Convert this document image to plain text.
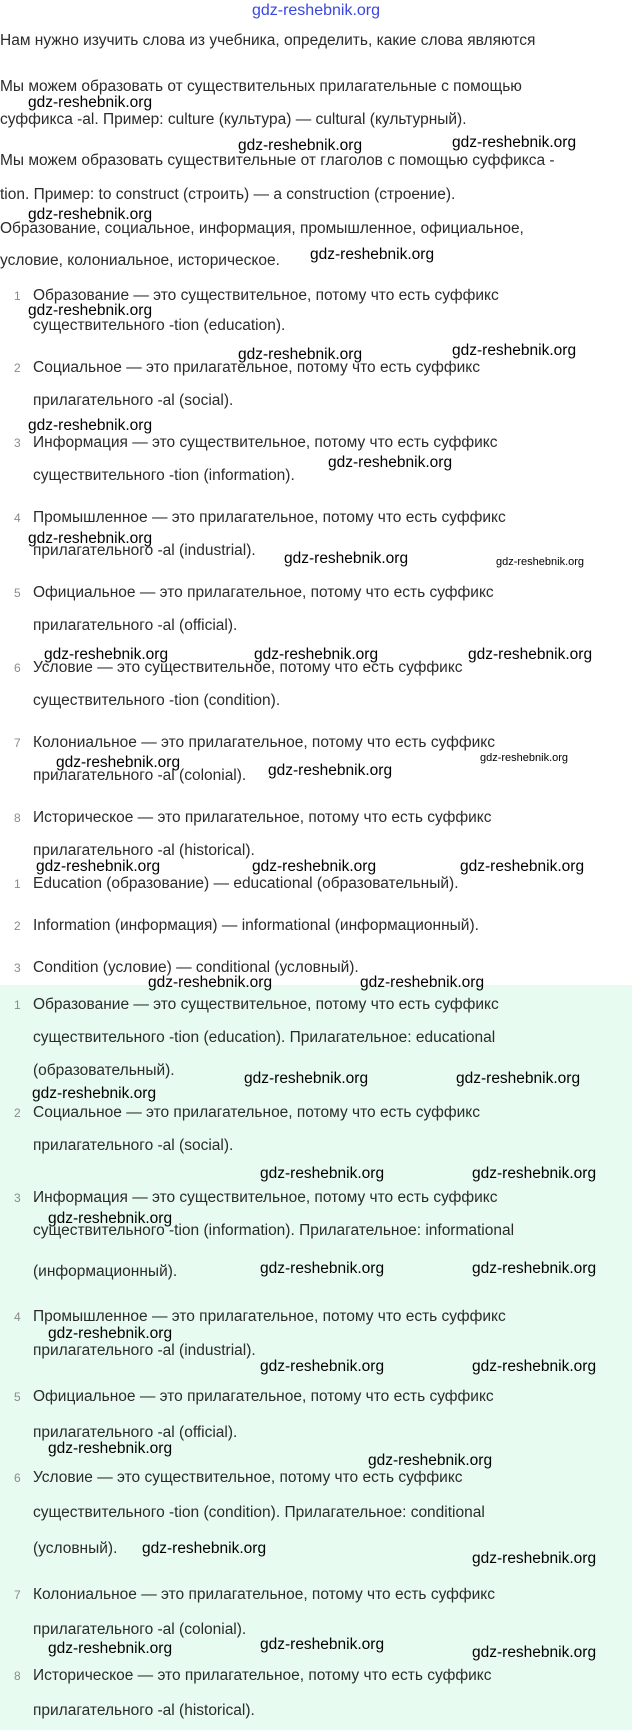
gdz-reshebnik.org
Нам нужно изучить слова из учебника, определить, какие слова являются
Мы можем образовать от существительных прилагательные с помощью
суффикса -al. Пример: culture (культура) — cultural (культурный).
Мы можем образовать существительные от глаголов с помощью суффикса -
tion. Пример: to construct (строить) — a construction (строение).
Образование, социальное, информация, промышленное, официальное,
условие, колониальное, историческое.
1 Образование — это существительное, потому что есть суффикс
существительного -tion (education).
2 Социальное — это прилагательное, потому что есть суффикс
прилагательного -al (social).
3 Информация — это существительное, потому что есть суффикс
существительного -tion (information).
4 Промышленное — это прилагательное, потому что есть суффикс
прилагательного -al (industrial).
5 Официальное — это прилагательное, потому что есть суффикс
прилагательного -al (official).
6 Условие — это существительное, потому что есть суффикс
существительного -tion (condition).
7 Колониальное — это прилагательное, потому что есть суффикс
прилагательного -al (colonial).
8 Историческое — это прилагательное, потому что есть суффикс
прилагательного -al (historical).
1 Education (образование) — educational (образовательный).
2 Information (информация) — informational (информационный).
3 Condition (условие) — conditional (условный).
1 Образование — это существительное, потому что есть суффикс
существительного -tion (education). Прилагательное: educational
(образовательный).
2 Социальное — это прилагательное, потому что есть суффикс
прилагательного -al (social).
3 Информация — это существительное, потому что есть суффикс
существительного -tion (information). Прилагательное: informational
(информационный).
4 Промышленное — это прилагательное, потому что есть суффикс
прилагательного -al (industrial).
5 Официальное — это прилагательное, потому что есть суффикс
прилагательного -al (official).
6 Условие — это существительное, потому что есть суффикс
существительного -tion (condition). Прилагательное: conditional
(условный).
7 Колониальное — это прилагательное, потому что есть суффикс
прилагательного -al (colonial).
8 Историческое — это прилагательное, потому что есть суффикс
прилагательного -al (historical).
gdz-reshebnik.org
gdz-reshebnik.org	gdz-reshebnik.org
gdz-reshebnik.org
gdz-reshebnik.org
gdz-reshebnik.org
gdz-reshebnik.org	gdz-reshebnik.org
gdz-reshebnik.org
gdz-reshebnik.org
gdz-reshebnik.org
gdz-reshebnik.org	gdz-reshebnik.org
gdz-reshebnik.org	gdz-reshebnik.org	gdz-reshebnik.org
gdz-reshebnik.org	gdz-reshebnik.org
gdz-reshebnik.org
gdz-reshebnik.org	gdz-reshebnik.org	gdz-reshebnik.org
gdz-reshebnik.org	gdz-reshebnik.org
gdz-reshebnik.org	gdz-reshebnik.org
gdz-reshebnik.org
gdz-reshebnik.org	gdz-reshebnik.org
gdz-reshebnik.org
gdz-reshebnik.org	gdz-reshebnik.org
gdz-reshebnik.org
gdz-reshebnik.org	gdz-reshebnik.org
gdz-reshebnik.org
gdz-reshebnik.org
gdz-reshebnik.org
gdz-reshebnik.org
gdz-reshebnik.org	gdz-reshebnik.org	gdz-reshebnik.org
